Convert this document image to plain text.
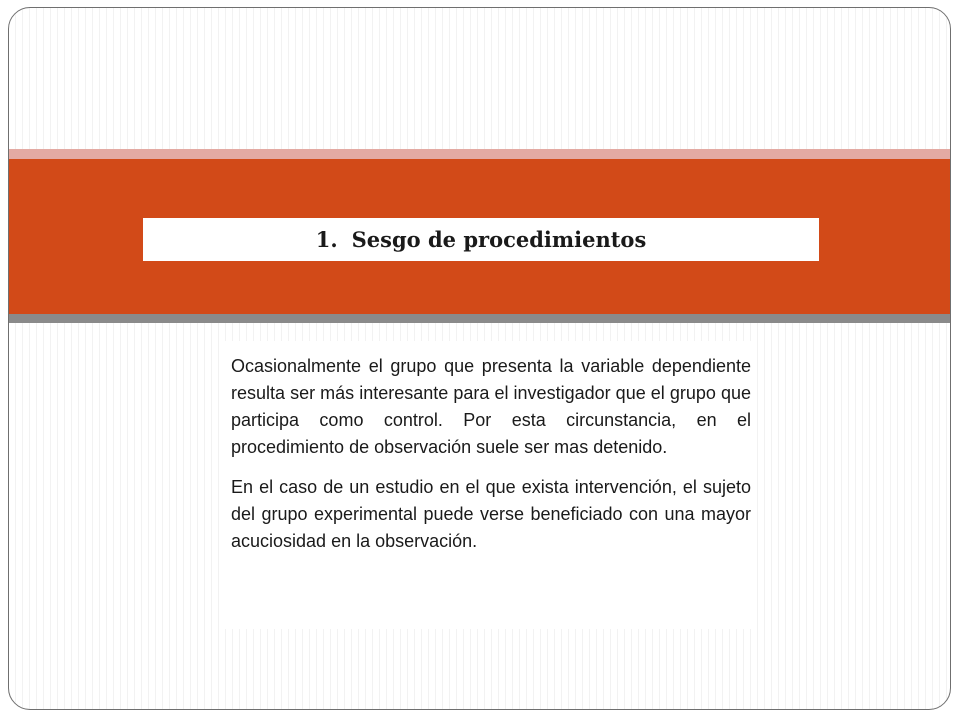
1. Sesgo de procedimientos

Ocasionalmente el grupo que presenta la variable dependiente resulta ser más interesante para el investigador que el grupo que participa como control. Por esta circunstancia, en el procedimiento de observación suele ser mas detenido.

En el caso de un estudio en el que exista intervención, el sujeto del grupo experimental puede verse beneficiado con una mayor acuciosidad en la observación.
